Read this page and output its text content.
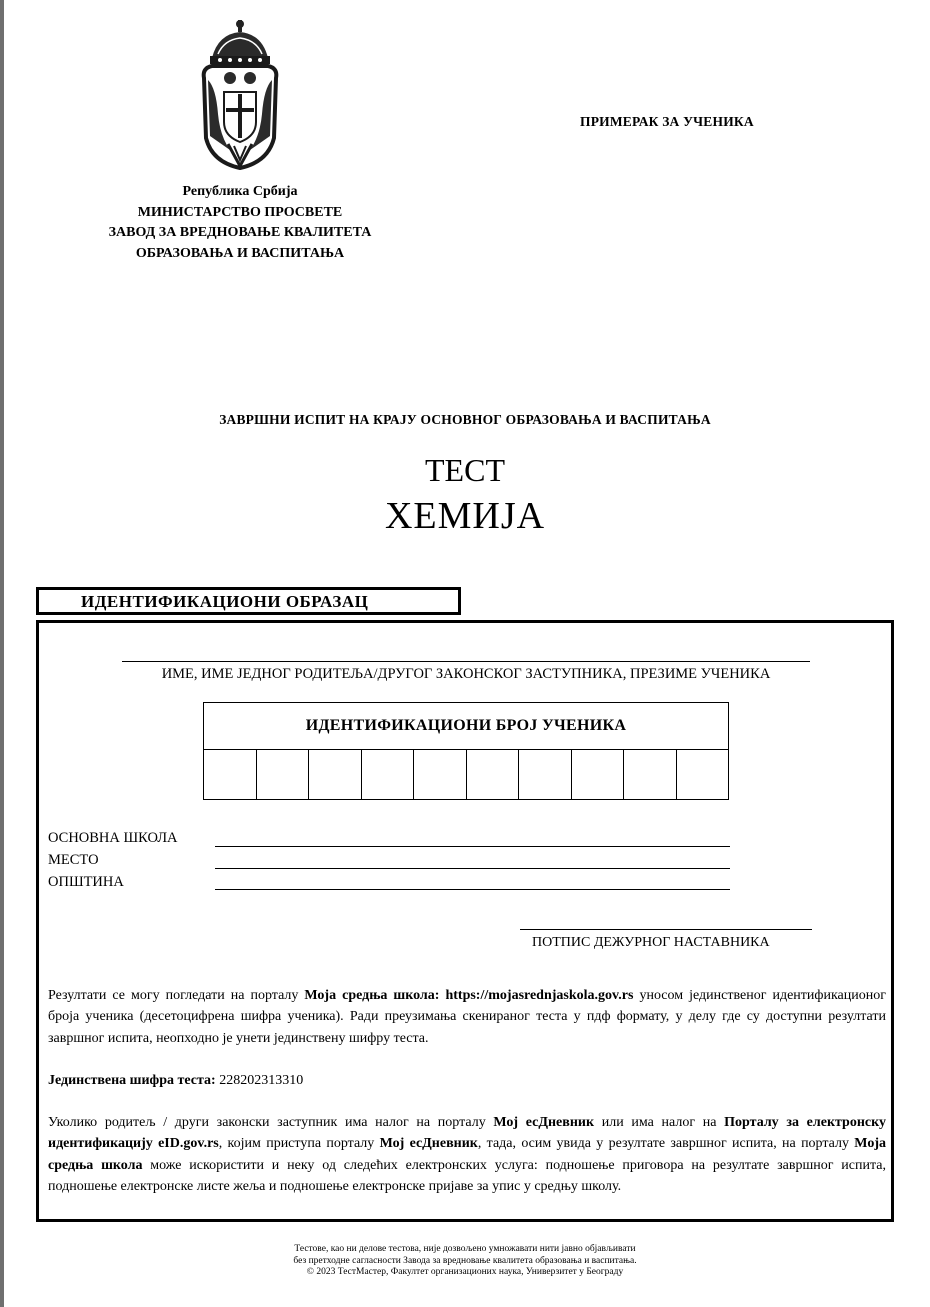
Република Србија
МИНИСТАРСТВО ПРОСВЕТЕ
ЗАВОД ЗА ВРЕДНОВАЊЕ КВАЛИТЕТА
ОБРАЗОВАЊА И ВАСПИТАЊА
ПРИМЕРАК ЗА УЧЕНИКА
ЗАВРШНИ ИСПИТ НА КРАЈУ ОСНОВНОГ ОБРАЗОВАЊА И ВАСПИТАЊА
ТЕСТ
ХЕМИЈА
ИДЕНТИФИКАЦИОНИ ОБРАЗАЦ
ИМЕ, ИМЕ ЈЕДНОГ РОДИТЕЉА/ДРУГОГ ЗАКОНСКОГ ЗАСТУПНИКА, ПРЕЗИМЕ УЧЕНИКА
ИДЕНТИФИКАЦИОНИ БРОЈ УЧЕНИКА
ОСНОВНА ШКОЛА
МЕСТО
ОПШТИНА
ПОТПИС ДЕЖУРНОГ НАСТАВНИКА
Резултати се могу погледати на порталу Моја средња школа: https://mojasrednjaskola.gov.rs уносом јединственог идентификационог броја ученика (десетоцифрена шифра ученика). Ради преузимања скенираног теста у пдф формату, у делу где су доступни резултати завршног испита, неопходно је унети јединствену шифру теста.
Јединствена шифра теста: 228202313310
Уколико родитељ / други законски заступник има налог на порталу Мој есДневник или има налог на Порталу за електронску идентификацију eID.gov.rs, којим приступа порталу Мој есДневник, тада, осим увида у резултате завршног испита, на порталу Моја средња школа може искористити и неку од следећих електронских услуга: подношење приговора на резултате завршног испита, подношење електронске листе жеља и подношење електронске пријаве за упис у средњу школу.
Тестове, као ни делове тестова, није дозвољено умножавати нити јавно објављивати
без претходне сагласности Завода за вредновање квалитета образовања и васпитања.
© 2023 ТестМастер, Факултет организационих наука, Универзитет у Београду
